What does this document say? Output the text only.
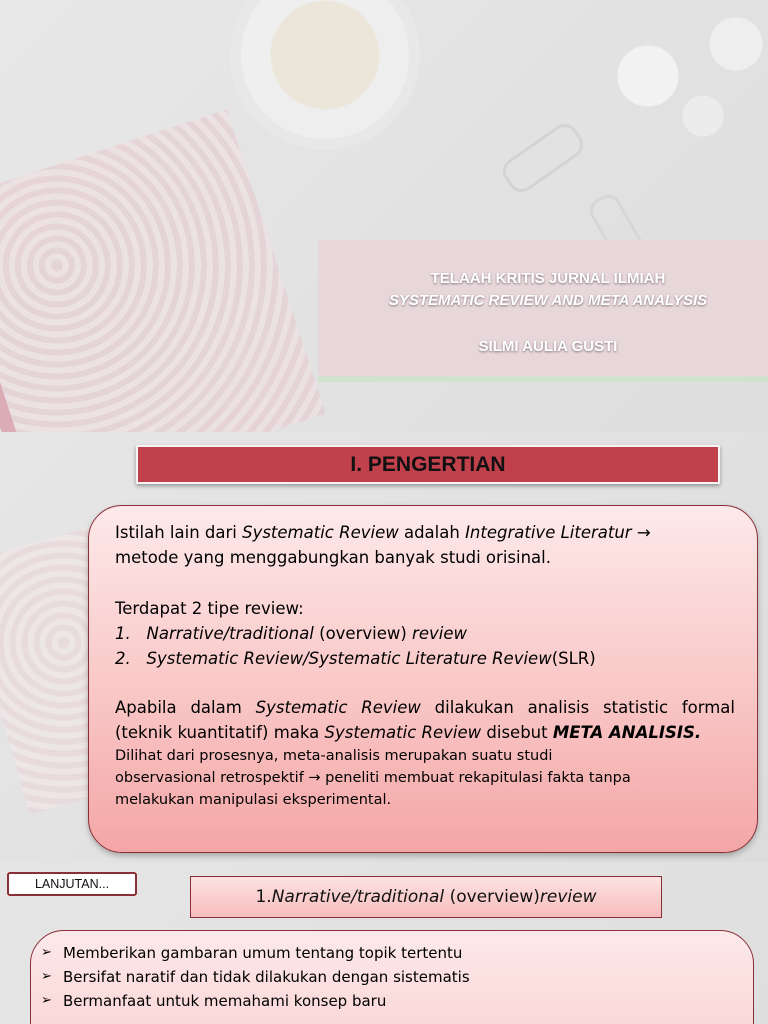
TELAAH KRITIS JURNAL ILMIAH
SYSTEMATIC REVIEW AND META ANALYSIS
SILMI AULIA GUSTI
I. PENGERTIAN

Istilah lain dari Systematic Review adalah Integrative Literatur →
metode yang menggabungkan banyak studi orisinal.

Terdapat 2 tipe review:
1. Narrative/traditional (overview) review
2. Systematic Review/Systematic Literature Review(SLR)

Apabila dalam Systematic Review dilakukan analisis statistic formal (teknik kuantitatif) maka Systematic Review disebut META ANALISIS.

Dilihat dari prosesnya, meta-analisis merupakan suatu studi
observasional retrospektif → peneliti membuat rekapitulasi fakta tanpa
melakukan manipulasi eksperimental.

LANJUTAN...
1. Narrative/traditional
(overview) review
➢ Memberikan gambaran umum tentang topik tertentu
➢ Bersifat naratif dan tidak dilakukan dengan sistematis
➢ Bermanfaat untuk memahami konsep baru
